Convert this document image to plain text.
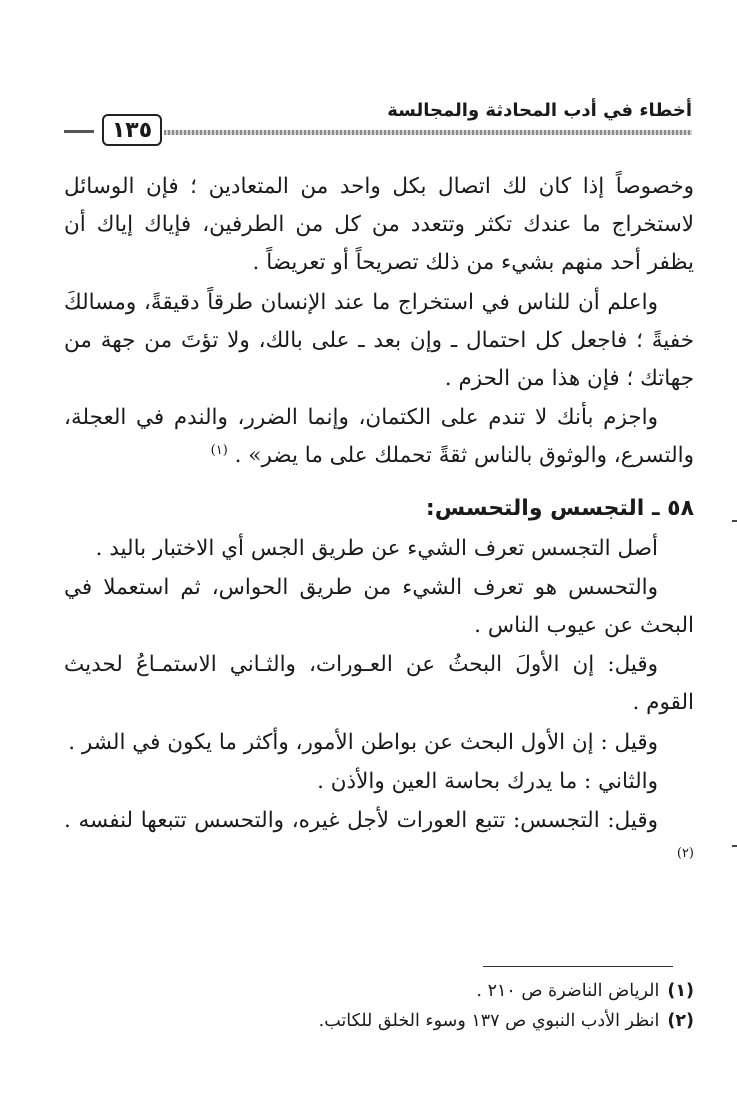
أخطاء في أدب المحادثة والمجالسة
١٣٥

وخصوصاً إذا كان لك اتصال بكل واحد من المتعادين ؛ فإن الوسائل لاستخراج ما عندك تكثر وتتعدد من كل من الطرفين، فإياك إياك أن يظفر أحد منهم بشيء من ذلك تصريحاً أو تعريضاً .

واعلم أن للناس في استخراج ما عند الإنسان طرقاً دقيقةً، ومسالكَ خفيةً ؛ فاجعل كل احتمال ـ وإن بعد ـ على بالك، ولا تؤتَ من جهة من جهاتك ؛ فإن هذا من الحزم .

واجزم بأنك لا تندم على الكتمان، وإنما الضرر، والندم في العجلة، والتسرع، والوثوق بالناس ثقةً تحملك على ما يضر» . $^{(١)}$

٥٨ ـ التجسس والتحسس:

أصل التجسس تعرف الشيء عن طريق الجس أي الاختبار باليد .

والتحسس هو تعرف الشيء من طريق الحواس، ثم استعملا في البحث عن عيوب الناس .

وقيل: إن الأولَ البحثُ عن العـورات، والثـاني الاستمـاعُ لحديث القوم .

وقيل : إن الأول البحث عن بواطن الأمور، وأكثر ما يكون في الشر .

والثاني : ما يدرك بحاسة العين والأذن .

وقيل: التجسس: تتبع العورات لأجل غيره، والتحسس تتبعها لنفسه . $^{(٢)}$

(١)الرياض الناضرة ص ٢١٠ .

(٢)انظر الأدب النبوي ص ١٣٧ وسوء الخلق للكاتب.
